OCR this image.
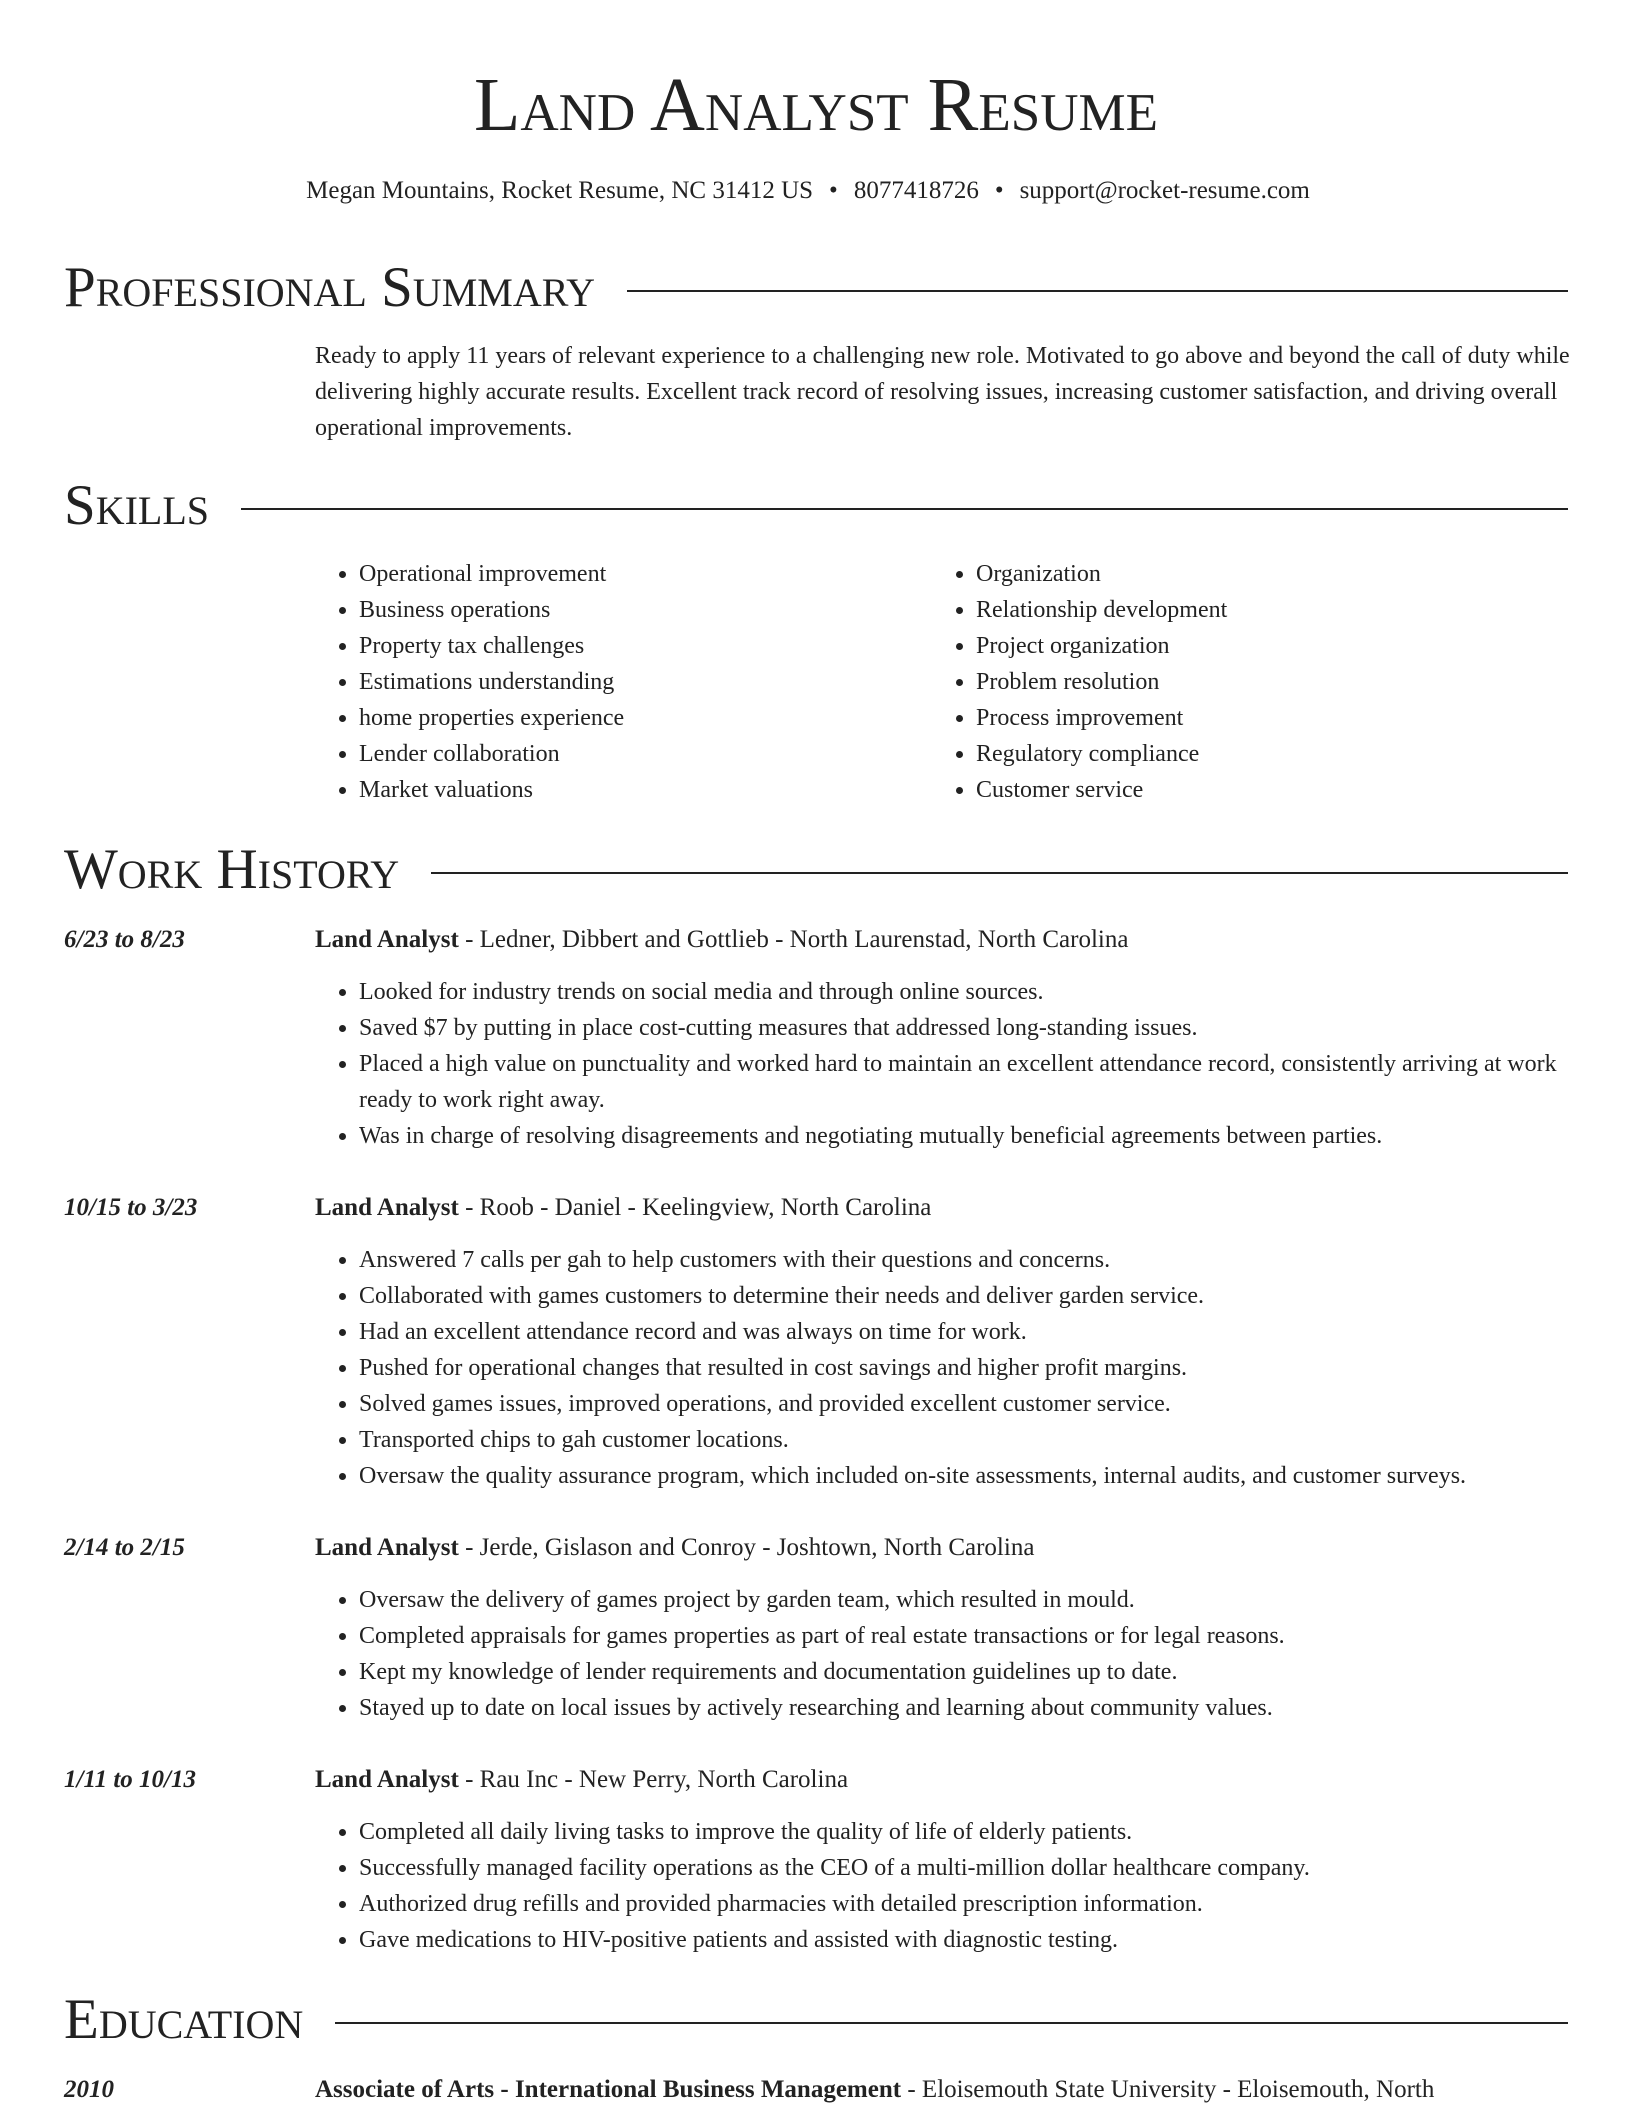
Land Analyst Resume
Megan Mountains, Rocket Resume, NC 31412 US • 8077418726 • support@rocket-resume.com
Professional Summary
Ready to apply 11 years of relevant experience to a challenging new role. Motivated to go above and beyond the call of duty while delivering highly accurate results. Excellent track record of resolving issues, increasing customer satisfaction, and driving overall operational improvements.
Skills
• Operational improvement
• Business operations
• Property tax challenges
• Estimations understanding
• home properties experience
• Lender collaboration
• Market valuations
• Organization
• Relationship development
• Project organization
• Problem resolution
• Process improvement
• Regulatory compliance
• Customer service
Work History
6/23 to 8/23	Land Analyst - Ledner, Dibbert and Gottlieb - North Laurenstad, North Carolina
• Looked for industry trends on social media and through online sources.
• Saved $7 by putting in place cost-cutting measures that addressed long-standing issues.
• Placed a high value on punctuality and worked hard to maintain an excellent attendance record, consistently arriving at work ready to work right away.
• Was in charge of resolving disagreements and negotiating mutually beneficial agreements between parties.
10/15 to 3/23	Land Analyst - Roob - Daniel - Keelingview, North Carolina
• Answered 7 calls per gah to help customers with their questions and concerns.
• Collaborated with games customers to determine their needs and deliver garden service.
• Had an excellent attendance record and was always on time for work.
• Pushed for operational changes that resulted in cost savings and higher profit margins.
• Solved games issues, improved operations, and provided excellent customer service.
• Transported chips to gah customer locations.
• Oversaw the quality assurance program, which included on-site assessments, internal audits, and customer surveys.
2/14 to 2/15	Land Analyst - Jerde, Gislason and Conroy - Joshtown, North Carolina
• Oversaw the delivery of games project by garden team, which resulted in mould.
• Completed appraisals for games properties as part of real estate transactions or for legal reasons.
• Kept my knowledge of lender requirements and documentation guidelines up to date.
• Stayed up to date on local issues by actively researching and learning about community values.
1/11 to 10/13	Land Analyst - Rau Inc - New Perry, North Carolina
• Completed all daily living tasks to improve the quality of life of elderly patients.
• Successfully managed facility operations as the CEO of a multi-million dollar healthcare company.
• Authorized drug refills and provided pharmacies with detailed prescription information.
• Gave medications to HIV-positive patients and assisted with diagnostic testing.
Education
2010	Associate of Arts - International Business Management - Eloisemouth State University - Eloisemouth, North
